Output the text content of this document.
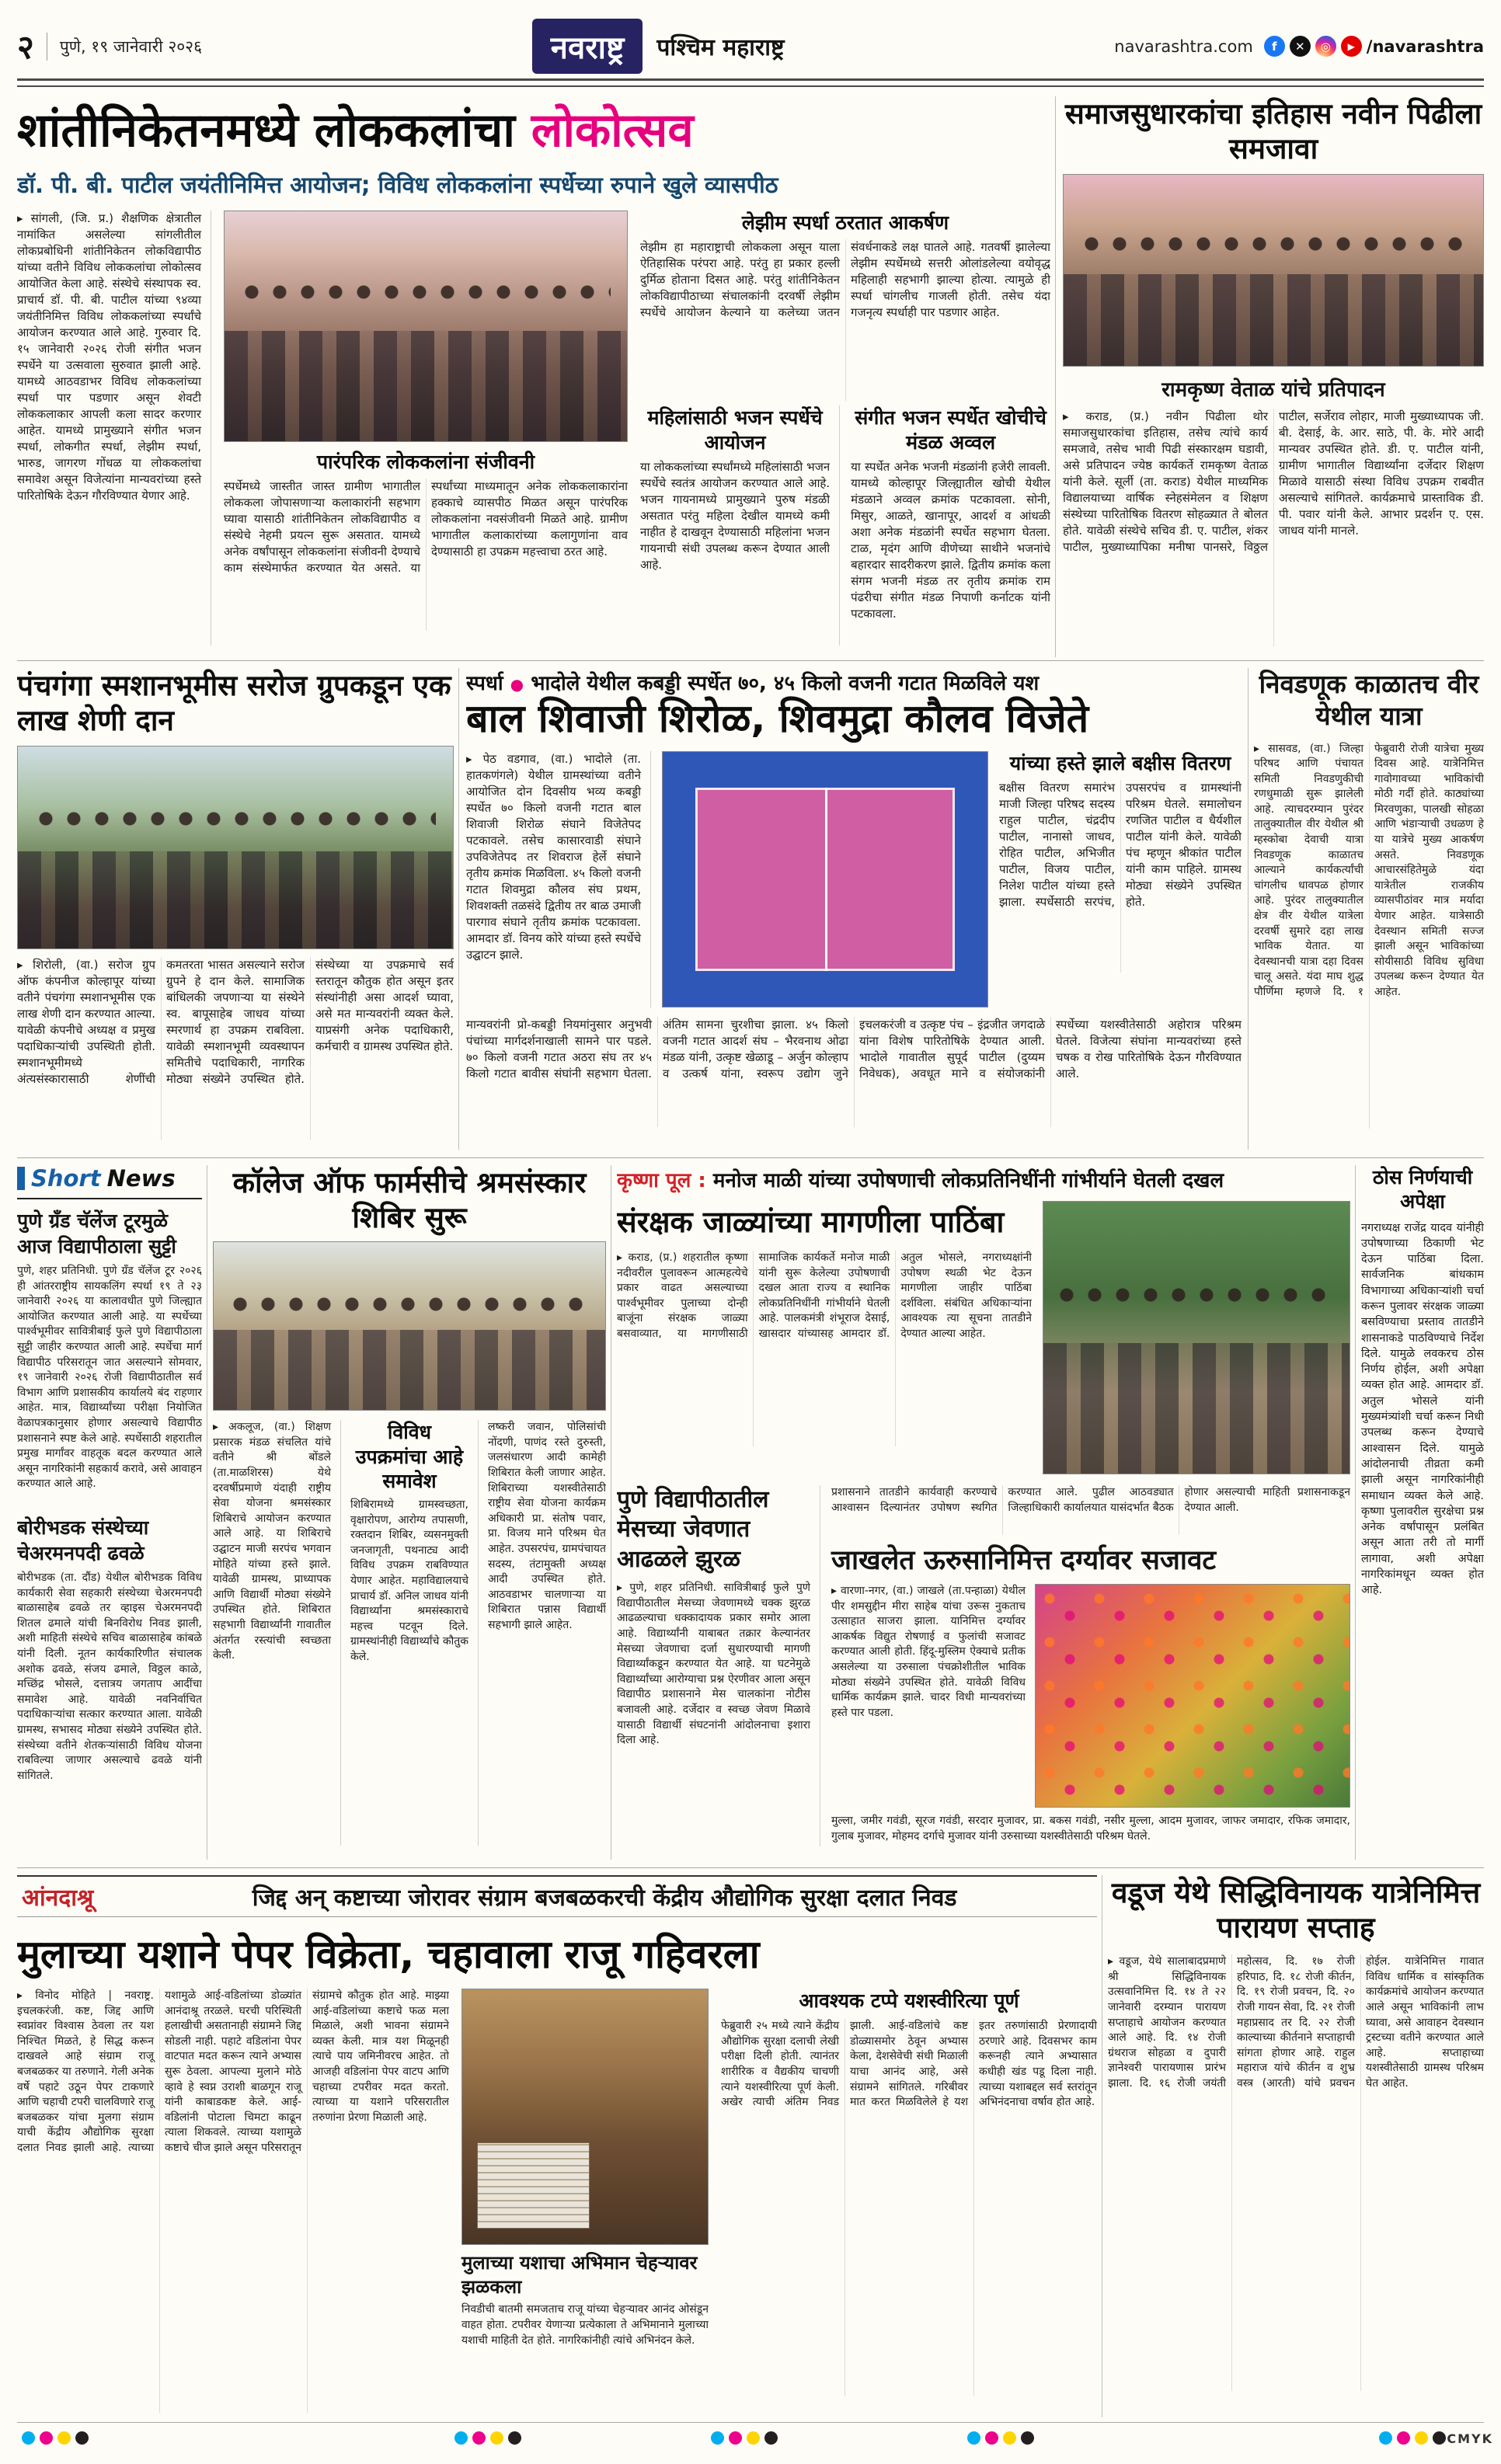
२ पुणे, १९ जानेवारी २०२६	नवराष्ट्र	पश्चिम महाराष्ट्र	navarashtra.com	f	✕	◎	▶ /navarashtra
शांतीनिकेतनमध्ये लोककलांचा लोकोत्सव
डॉ. पी. बी. पाटील जयंतीनिमित्त आयोजन; विविध लोककलांना स्पर्धेच्या रुपाने खुले व्यासपीठ
▸ सांगली, (जि. प्र.) शैक्षणिक क्षेत्रातील नामांकित असलेल्या सांगलीतील लोकप्रबोधिनी शांतीनिकेतन लोकविद्यापीठ यांच्या वतीने विविध लोककलांचा लोकोत्सव आयोजित केला आहे. संस्थेचे संस्थापक स्व. प्राचार्य डॉ. पी. बी. पाटील यांच्या ९४व्या जयंतीनिमित्त विविध लोककलांच्या स्पर्धांचे आयोजन करण्यात आले आहे. गुरुवार दि. १५ जानेवारी २०२६ रोजी संगीत भजन स्पर्धेने या उत्सवाला सुरुवात झाली आहे. यामध्ये आठवडाभर विविध लोककलांच्या स्पर्धा पार पडणार असून शेवटी लोककलाकार आपली कला सादर करणार आहेत. यामध्ये प्रामुख्याने संगीत भजन स्पर्धा, लोकगीत स्पर्धा, लेझीम स्पर्धा, भारुड, जागरण गोंधळ या लोककलांचा समावेश असून विजेत्यांना मान्यवरांच्या हस्ते पारितोषिके देऊन गौरविण्यात येणार आहे.
पारंपरिक लोककलांना संजीवनी
स्पर्धेमध्ये जास्तीत जास्त ग्रामीण भागातील लोककला जोपासणाऱ्या कलाकारांनी सहभाग घ्यावा यासाठी शांतीनिकेतन लोकविद्यापीठ व संस्थेचे नेहमी प्रयत्न सुरू असतात. यामध्ये अनेक वर्षांपासून लोककलांना संजीवनी देण्याचे काम संस्थेमार्फत करण्यात येत असते. या स्पर्धांच्या माध्यमातून अनेक लोककलाकारांना हक्काचे व्यासपीठ मिळत असून पारंपरिक लोककलांना नवसंजीवनी मिळते आहे. ग्रामीण भागातील कलाकारांच्या कलागुणांना वाव देण्यासाठी हा उपक्रम महत्त्वाचा ठरत आहे.
लेझीम स्पर्धा ठरतात आकर्षण
लेझीम हा महाराष्ट्राची लोककला असून याला ऐतिहासिक परंपरा आहे. परंतु हा प्रकार हल्ली दुर्मिळ होताना दिसत आहे. परंतु शांतीनिकेतन लोकविद्यापीठाच्या संचालकांनी दरवर्षी लेझीम स्पर्धेचे आयोजन केल्याने या कलेच्या जतन संवर्धनाकडे लक्ष घातले आहे. गतवर्षी झालेल्या लेझीम स्पर्धेमध्ये सत्तरी ओलांडलेल्या वयोवृद्ध महिलाही सहभागी झाल्या होत्या. त्यामुळे ही स्पर्धा चांगलीच गाजली होती. तसेच यंदा गजनृत्य स्पर्धाही पार पडणार आहेत.
महिलांसाठी भजन स्पर्धेचे आयोजन
या लोककलांच्या स्पर्धांमध्ये महिलांसाठी भजन स्पर्धेचे स्वतंत्र आयोजन करण्यात आले आहे. भजन गायनामध्ये प्रामुख्याने पुरुष मंडळी असतात परंतु महिला देखील यामध्ये कमी नाहीत हे दाखवून देण्यासाठी महिलांना भजन गायनाची संधी उपलब्ध करून देण्यात आली आहे.
संगीत भजन स्पर्धेत खोचीचे मंडळ अव्वल
या स्पर्धेत अनेक भजनी मंडळांनी हजेरी लावली. यामध्ये कोल्हापूर जिल्ह्यातील खोची येथील मंडळाने अव्वल क्रमांक पटकावला. सोनी, मिसुर, आळते, खानापूर, आदर्श व आंधळी अशा अनेक मंडळांनी स्पर्धेत सहभाग घेतला. टाळ, मृदंग आणि वीणेच्या साथीने भजनांचे बहारदार सादरीकरण झाले. द्वितीय क्रमांक कला संगम भजनी मंडळ तर तृतीय क्रमांक राम पंढरीचा संगीत मंडळ निपाणी कर्नाटक यांनी पटकावला.
समाजसुधारकांचा इतिहास नवीन पिढीला समजावा
रामकृष्ण वेताळ यांचे प्रतिपादन
▸ कराड, (प्र.) नवीन पिढीला थोर समाजसुधारकांचा इतिहास, तसेच त्यांचे कार्य समजावे, तसेच भावी पिढी संस्कारक्षम घडावी, असे प्रतिपादन ज्येष्ठ कार्यकर्ते रामकृष्ण वेताळ यांनी केले. सूर्ली (ता. कराड) येथील माध्यमिक विद्यालयाच्या वार्षिक स्नेहसंमेलन व शिक्षण संस्थेच्या पारितोषिक वितरण सोहळ्यात ते बोलत होते. यावेळी संस्थेचे सचिव डी. ए. पाटील, शंकर पाटील, मुख्याध्यापिका मनीषा पानसरे, विठ्ठल पाटील, सर्जेराव लोहार, माजी मुख्याध्यापक जी. बी. देसाई, के. आर. साठे, पी. के. मोरे आदी मान्यवर उपस्थित होते. डी. ए. पाटील यांनी, ग्रामीण भागातील विद्यार्थ्यांना दर्जेदार शिक्षण मिळावे यासाठी संस्था विविध उपक्रम राबवीत असल्याचे सांगितले. कार्यक्रमाचे प्रास्ताविक डी. पी. पवार यांनी केले. आभार प्रदर्शन ए. एस. जाधव यांनी मानले.
पंचगंगा स्मशानभूमीस सरोज ग्रुपकडून एक लाख शेणी दान
▸ शिरोली, (वा.) सरोज ग्रुप ऑफ कंपनीज कोल्हापूर यांच्या वतीने पंचगंगा स्मशानभूमीस एक लाख शेणी दान करण्यात आल्या. यावेळी कंपनीचे अध्यक्ष व प्रमुख पदाधिकाऱ्यांची उपस्थिती होती. स्मशानभूमीमध्ये अंत्यसंस्कारासाठी शेणींची कमतरता भासत असल्याने सरोज ग्रुपने हे दान केले. सामाजिक बांधिलकी जपणाऱ्या या संस्थेने स्व. बापूसाहेब जाधव यांच्या स्मरणार्थ हा उपक्रम राबविला. यावेळी स्मशानभूमी व्यवस्थापन समितीचे पदाधिकारी, नागरिक मोठ्या संख्येने उपस्थित होते. संस्थेच्या या उपक्रमाचे सर्व स्तरातून कौतुक होत असून इतर संस्थांनीही असा आदर्श घ्यावा, असे मत मान्यवरांनी व्यक्त केले. याप्रसंगी अनेक पदाधिकारी, कर्मचारी व ग्रामस्थ उपस्थित होते.
स्पर्धा ● भादोले येथील कबड्डी स्पर्धेत ७०, ४५ किलो वजनी गटात मिळविले यश
बाल शिवाजी शिरोळ, शिवमुद्रा कौलव विजेते
▸ पेठ वडगाव, (वा.) भादोले (ता. हातकणंगले) येथील ग्रामस्थांच्या वतीने आयोजित दोन दिवसीय भव्य कबड्डी स्पर्धेत ७० किलो वजनी गटात बाल शिवाजी शिरोळ संघाने विजेतेपद पटकावले. तसेच कासारवाडी संघाने उपविजेतेपद तर शिवराज हेर्ले संघाने तृतीय क्रमांक मिळविला. ४५ किलो वजनी गटात शिवमुद्रा कौलव संघ प्रथम, शिवशक्ती तळसंदे द्वितीय तर बाळ उमाजी पारगाव संघाने तृतीय क्रमांक पटकावला. आमदार डॉ. विनय कोरे यांच्या हस्ते स्पर्धेचे उद्घाटन झाले.
यांच्या हस्ते झाले बक्षीस वितरण
बक्षीस वितरण समारंभ माजी जिल्हा परिषद सदस्य राहुल पाटील, चंद्रदीप पाटील, नानासो जाधव, रोहित पाटील, अभिजीत पाटील, विजय पाटील, निलेश पाटील यांच्या हस्ते झाला. स्पर्धेसाठी सरपंच, उपसरपंच व ग्रामस्थांनी परिश्रम घेतले. समालोचन रणजित पाटील व धैर्यशील पाटील यांनी केले. यावेळी पंच म्हणून श्रीकांत पाटील यांनी काम पाहिले. ग्रामस्थ मोठ्या संख्येने उपस्थित होते.
मान्यवरांनी प्रो-कबड्डी नियमांनुसार अनुभवी पंचांच्या मार्गदर्शनाखाली सामने पार पडले. ७० किलो वजनी गटात अठरा संघ तर ४५ किलो गटात बावीस संघांनी सहभाग घेतला. अंतिम सामना चुरशीचा झाला. ४५ किलो वजनी गटात आदर्श संघ – भैरवनाथ ओढा मंडळ यांनी, उत्कृष्ट खेळाडू – अर्जुन कोल्हाप व उत्कर्ष यांना, स्वरूप उद्योग जुने इचलकरंजी व उत्कृष्ट पंच – इंद्रजीत जगदाळे यांना विशेष पारितोषिके देण्यात आली. भादोले गावातील सुपूर्द पाटील (दुय्यम निवेधक), अवधूत माने व संयोजकांनी स्पर्धेच्या यशस्वीतेसाठी अहोरात्र परिश्रम घेतले. विजेत्या संघांना मान्यवरांच्या हस्ते चषक व रोख पारितोषिके देऊन गौरविण्यात आले.
निवडणूक काळातच वीर येथील यात्रा
▸ सासवड, (वा.) जिल्हा परिषद आणि पंचायत समिती निवडणुकीची रणधुमाळी सुरू झालेली आहे. त्याचदरम्यान पुरंदर तालुक्यातील वीर येथील श्री म्हस्कोबा देवाची यात्रा निवडणूक काळातच आल्याने कार्यकर्त्यांची चांगलीच धावपळ होणार आहे. पुरंदर तालुक्यातील क्षेत्र वीर येथील यात्रेला दरवर्षी सुमारे दहा लाख भाविक येतात. या देवस्थानची यात्रा दहा दिवस चालू असते. यंदा माघ शुद्ध पौर्णिमा म्हणजे दि. १ फेब्रुवारी रोजी यात्रेचा मुख्य दिवस आहे. यात्रेनिमित्त गावोगावच्या भाविकांची मोठी गर्दी होते. काठ्यांच्या मिरवणुका, पालखी सोहळा आणि भंडाऱ्याची उधळण हे या यात्रेचे मुख्य आकर्षण असते. निवडणूक आचारसंहितेमुळे यंदा यात्रेतील राजकीय व्यासपीठांवर मात्र मर्यादा येणार आहेत. यात्रेसाठी देवस्थान समिती सज्ज झाली असून भाविकांच्या सोयीसाठी विविध सुविधा उपलब्ध करून देण्यात येत आहेत.
Short News
पुणे ग्रँड चॅलेंज टूरमुळे आज विद्यापीठाला सुट्टी
पुणे, शहर प्रतिनिधी. पुणे ग्रँड चॅलेंज टूर २०२६ ही आंतरराष्ट्रीय सायकलिंग स्पर्धा १९ ते २३ जानेवारी २०२६ या कालावधीत पुणे जिल्ह्यात आयोजित करण्यात आली आहे. या स्पर्धेच्या पार्श्वभूमीवर सावित्रीबाई फुले पुणे विद्यापीठाला सुट्टी जाहीर करण्यात आली आहे. स्पर्धेचा मार्ग विद्यापीठ परिसरातून जात असल्याने सोमवार, १९ जानेवारी २०२६ रोजी विद्यापीठातील सर्व विभाग आणि प्रशासकीय कार्यालये बंद राहणार आहेत. मात्र, विद्यार्थ्यांच्या परीक्षा नियोजित वेळापत्रकानुसार होणार असल्याचे विद्यापीठ प्रशासनाने स्पष्ट केले आहे. स्पर्धेसाठी शहरातील प्रमुख मार्गांवर वाहतूक बदल करण्यात आले असून नागरिकांनी सहकार्य करावे, असे आवाहन करण्यात आले आहे.
बोरीभडक संस्थेच्या चेअरमनपदी ढवळे
बोरीभडक (ता. दौंड) येथील बोरीभडक विविध कार्यकारी सेवा सहकारी संस्थेच्या चेअरमनपदी बाळासाहेब ढवळे तर व्हाइस चेअरमनपदी शितल ढमाले यांची बिनविरोध निवड झाली, अशी माहिती संस्थेचे सचिव बाळासाहेब कांबळे यांनी दिली. नूतन कार्यकारिणीत संचालक अशोक ढवळे, संजय ढमाले, विठ्ठल काळे, मच्छिंद्र भोसले, दत्तात्रय जगताप आदींचा समावेश आहे. यावेळी नवनिर्वाचित पदाधिकाऱ्यांचा सत्कार करण्यात आला. यावेळी ग्रामस्थ, सभासद मोठ्या संख्येने उपस्थित होते. संस्थेच्या वतीने शेतकऱ्यांसाठी विविध योजना राबविल्या जाणार असल्याचे ढवळे यांनी सांगितले.
कॉलेज ऑफ फार्मसीचे श्रमसंस्कार शिबिर सुरू
▸ अकलूज, (वा.) शिक्षण प्रसारक मंडळ संचलित यांचे वतीने श्री बोंडले (ता.माळशिरस) येथे दरवर्षीप्रमाणे यंदाही राष्ट्रीय सेवा योजना श्रमसंस्कार शिबिराचे आयोजन करण्यात आले आहे. या शिबिराचे उद्घाटन माजी सरपंच भगवान मोहिते यांच्या हस्ते झाले. यावेळी ग्रामस्थ, प्राध्यापक आणि विद्यार्थी मोठ्या संख्येने उपस्थित होते. शिबिरात सहभागी विद्यार्थ्यांनी गावातील अंतर्गत रस्त्यांची स्वच्छता केली.
विविध उपक्रमांचा आहे समावेश
शिबिरामध्ये ग्रामस्वच्छता, वृक्षारोपण, आरोग्य तपासणी, रक्तदान शिबिर, व्यसनमुक्ती जनजागृती, पथनाट्य आदी विविध उपक्रम राबविण्यात येणार आहेत. महाविद्यालयाचे प्राचार्य डॉ. अनिल जाधव यांनी विद्यार्थ्यांना श्रमसंस्काराचे महत्त्व पटवून दिले. ग्रामस्थांनीही विद्यार्थ्यांचे कौतुक केले.
लष्करी जवान, पोलिसांची नोंदणी, पाणंद रस्ते दुरुस्ती, जलसंधारण आदी कामेही शिबिरात केली जाणार आहेत. शिबिराच्या यशस्वीतेसाठी राष्ट्रीय सेवा योजना कार्यक्रम अधिकारी प्रा. संतोष पवार, प्रा. विजय माने परिश्रम घेत आहेत. उपसरपंच, ग्रामपंचायत सदस्य, तंटामुक्ती अध्यक्ष आदी उपस्थित होते. आठवडाभर चालणाऱ्या या शिबिरात पन्नास विद्यार्थी सहभागी झाले आहेत.
कृष्णा पूल : मनोज माळी यांच्या उपोषणाची लोकप्रतिनिधींनी गांभीर्याने घेतली दखल
संरक्षक जाळ्यांच्या मागणीला पाठिंबा
▸ कराड, (प्र.) शहरातील कृष्णा नदीवरील पुलावरून आत्महत्येचे प्रकार वाढत असल्याच्या पार्श्वभूमीवर पुलाच्या दोन्ही बाजूंना संरक्षक जाळ्या बसवाव्यात, या मागणीसाठी सामाजिक कार्यकर्ते मनोज माळी यांनी सुरू केलेल्या उपोषणाची दखल आता राज्य व स्थानिक लोकप्रतिनिधींनी गांभीर्याने घेतली आहे. पालकमंत्री शंभूराज देसाई, खासदार यांच्यासह आमदार डॉ. अतुल भोसले, नगराध्यक्षांनी उपोषण स्थळी भेट देऊन मागणीला जाहीर पाठिंबा दर्शविला. संबंधित अधिकाऱ्यांना आवश्यक त्या सूचना तातडीने देण्यात आल्या आहेत.
पुणे विद्यापीठातील मेसच्या जेवणात आढळले झुरळ
▸ पुणे, शहर प्रतिनिधी. सावित्रीबाई फुले पुणे विद्यापीठातील मेसच्या जेवणामध्ये चक्क झुरळ आढळल्याचा धक्कादायक प्रकार समोर आला आहे. विद्यार्थ्यांनी याबाबत तक्रार केल्यानंतर मेसच्या जेवणाचा दर्जा सुधारण्याची मागणी विद्यार्थ्यांकडून करण्यात येत आहे. या घटनेमुळे विद्यार्थ्यांच्या आरोग्याचा प्रश्न ऐरणीवर आला असून विद्यापीठ प्रशासनाने मेस चालकांना नोटीस बजावली आहे. दर्जेदार व स्वच्छ जेवण मिळावे यासाठी विद्यार्थी संघटनांनी आंदोलनाचा इशारा दिला आहे.
प्रशासनाने तातडीने कार्यवाही करण्याचे आश्वासन दिल्यानंतर उपोषण स्थगित करण्यात आले. पुढील आठवड्यात जिल्हाधिकारी कार्यालयात यासंदर्भात बैठक होणार असल्याची माहिती प्रशासनाकडून देण्यात आली.
जाखलेत ऊरुसानिमित्त दर्ग्यावर सजावट
▸ वारणा-नगर, (वा.) जाखले (ता.पन्हाळा) येथील पीर शमसुद्दीन मीरा साहेब यांचा उरूस नुकताच उत्साहात साजरा झाला. यानिमित्त दर्ग्यावर आकर्षक विद्युत रोषणाई व फुलांची सजावट करण्यात आली होती. हिंदू-मुस्लिम ऐक्याचे प्रतीक असलेल्या या उरुसाला पंचक्रोशीतील भाविक मोठ्या संख्येने उपस्थित होते. यावेळी विविध धार्मिक कार्यक्रम झाले. चादर विधी मान्यवरांच्या हस्ते पार पडला.
मुल्ला, जमीर गवंडी, सूरज गवंडी, सरदार मुजावर, प्रा. बकस गवंडी, नसीर मुल्ला, आदम मुजावर, जाफर जमादार, रफिक जमादार, गुलाब मुजावर, मोहमद दर्गाचे मुजावर यांनी उरुसाच्या यशस्वीतेसाठी परिश्रम घेतले.
ठोस निर्णयाची अपेक्षा
नगराध्यक्ष राजेंद्र यादव यांनीही उपोषणाच्या ठिकाणी भेट देऊन पाठिंबा दिला. सार्वजनिक बांधकाम विभागाच्या अधिकाऱ्यांशी चर्चा करून पुलावर संरक्षक जाळ्या बसविण्याचा प्रस्ताव तातडीने शासनाकडे पाठविण्याचे निर्देश दिले. यामुळे लवकरच ठोस निर्णय होईल, अशी अपेक्षा व्यक्त होत आहे. आमदार डॉ. अतुल भोसले यांनी मुख्यमंत्र्यांशी चर्चा करून निधी उपलब्ध करून देण्याचे आश्वासन दिले. यामुळे आंदोलनाची तीव्रता कमी झाली असून नागरिकांनीही समाधान व्यक्त केले आहे. कृष्णा पुलावरील सुरक्षेचा प्रश्न अनेक वर्षांपासून प्रलंबित असून आता तरी तो मार्गी लागावा, अशी अपेक्षा नागरिकांमधून व्यक्त होत आहे.
आंनदाश्रू	जिद्द अन् कष्टाच्या जोरावर संग्राम बजबळकरची केंद्रीय औद्योगिक सुरक्षा दलात निवड	वडूज येथे सिद्धिविनायक यात्रेनिमित्त पारायण सप्ताह
▸ वडूज, येथे सालाबादप्रमाणे श्री सिद्धिविनायक उत्सवानिमित्त दि. १४ ते २२ जानेवारी दरम्यान पारायण सप्ताहाचे आयोजन करण्यात आले आहे. दि. १४ रोजी ग्रंथराज सोहळा व दुपारी ज्ञानेश्वरी पारायणास प्रारंभ झाला. दि. १६ रोजी जयंती महोत्सव, दि. १७ रोजी हरिपाठ, दि. १८ रोजी कीर्तन, दि. १९ रोजी प्रवचन, दि. २० रोजी गायन सेवा, दि. २१ रोजी महाप्रसाद तर दि. २२ रोजी काल्याच्या कीर्तनाने सप्ताहाची सांगता होणार आहे. राहुल महाराज यांचे कीर्तन व शुभ्र वस्त्र (आरती) यांचे प्रवचन होईल. यात्रेनिमित्त गावात विविध धार्मिक व सांस्कृतिक कार्यक्रमांचे आयोजन करण्यात आले असून भाविकांनी लाभ घ्यावा, असे आवाहन देवस्थान ट्रस्टच्या वतीने करण्यात आले आहे. सप्ताहाच्या यशस्वीतेसाठी ग्रामस्थ परिश्रम घेत आहेत.
मुलाच्या यशाने पेपर विक्रेता, चहावाला राजू गहिवरला
▸ विनोद मोहिते | नवराष्ट्र. इचलकरंजी. कष्ट, जिद्द आणि स्वप्नांवर विश्वास ठेवला तर यश निश्चित मिळते, हे सिद्ध करून दाखवले आहे संग्राम राजू बजबळकर या तरुणाने. गेली अनेक वर्षे पहाटे उठून पेपर टाकणारे आणि चहाची टपरी चालविणारे राजू बजबळकर यांचा मुलगा संग्राम याची केंद्रीय औद्योगिक सुरक्षा दलात निवड झाली आहे. त्याच्या यशामुळे आई-वडिलांच्या डोळ्यांत आनंदाश्रू तरळले. घरची परिस्थिती हलाखीची असतानाही संग्रामने जिद्द सोडली नाही. पहाटे वडिलांना पेपर वाटपात मदत करून त्याने अभ्यास सुरू ठेवला. आपल्या मुलाने मोठे व्हावे हे स्वप्न उराशी बाळगून राजू यांनी काबाडकष्ट केले. आई-वडिलांनी पोटाला चिमटा काढून त्याला शिकवले. त्याच्या यशामुळे कष्टाचे चीज झाले असून परिसरातून संग्रामचे कौतुक होत आहे. माझ्या आई-वडिलांच्या कष्टाचे फळ मला मिळाले, अशी भावना संग्रामने व्यक्त केली. मात्र यश मिळूनही त्याचे पाय जमिनीवरच आहेत. तो आजही वडिलांना पेपर वाटप आणि चहाच्या टपरीवर मदत करतो. त्याच्या या यशाने परिसरातील तरुणांना प्रेरणा मिळाली आहे.
मुलाच्या यशाचा अभिमान चेहऱ्यावर झळकला
निवडीची बातमी समजताच राजू यांच्या चेहऱ्यावर आनंद ओसंडून वाहत होता. टपरीवर येणाऱ्या प्रत्येकाला ते अभिमानाने मुलाच्या यशाची माहिती देत होते. नागरिकांनीही त्यांचे अभिनंदन केले.
आवश्यक टप्पे यशस्वीरित्या पूर्ण
फेब्रुवारी २५ मध्ये त्याने केंद्रीय औद्योगिक सुरक्षा दलाची लेखी परीक्षा दिली होती. त्यानंतर शारीरिक व वैद्यकीय चाचणी त्याने यशस्वीरित्या पूर्ण केली. अखेर त्याची अंतिम निवड झाली. आई-वडिलांचे कष्ट डोळ्यासमोर ठेवून अभ्यास केला, देशसेवेची संधी मिळाली याचा आनंद आहे, असे संग्रामने सांगितले. गरिबीवर मात करत मिळविलेले हे यश इतर तरुणांसाठी प्रेरणादायी ठरणारे आहे. दिवसभर काम करूनही त्याने अभ्यासात कधीही खंड पडू दिला नाही. त्याच्या यशाबद्दल सर्व स्तरांतून अभिनंदनाचा वर्षाव होत आहे.
CMYK
